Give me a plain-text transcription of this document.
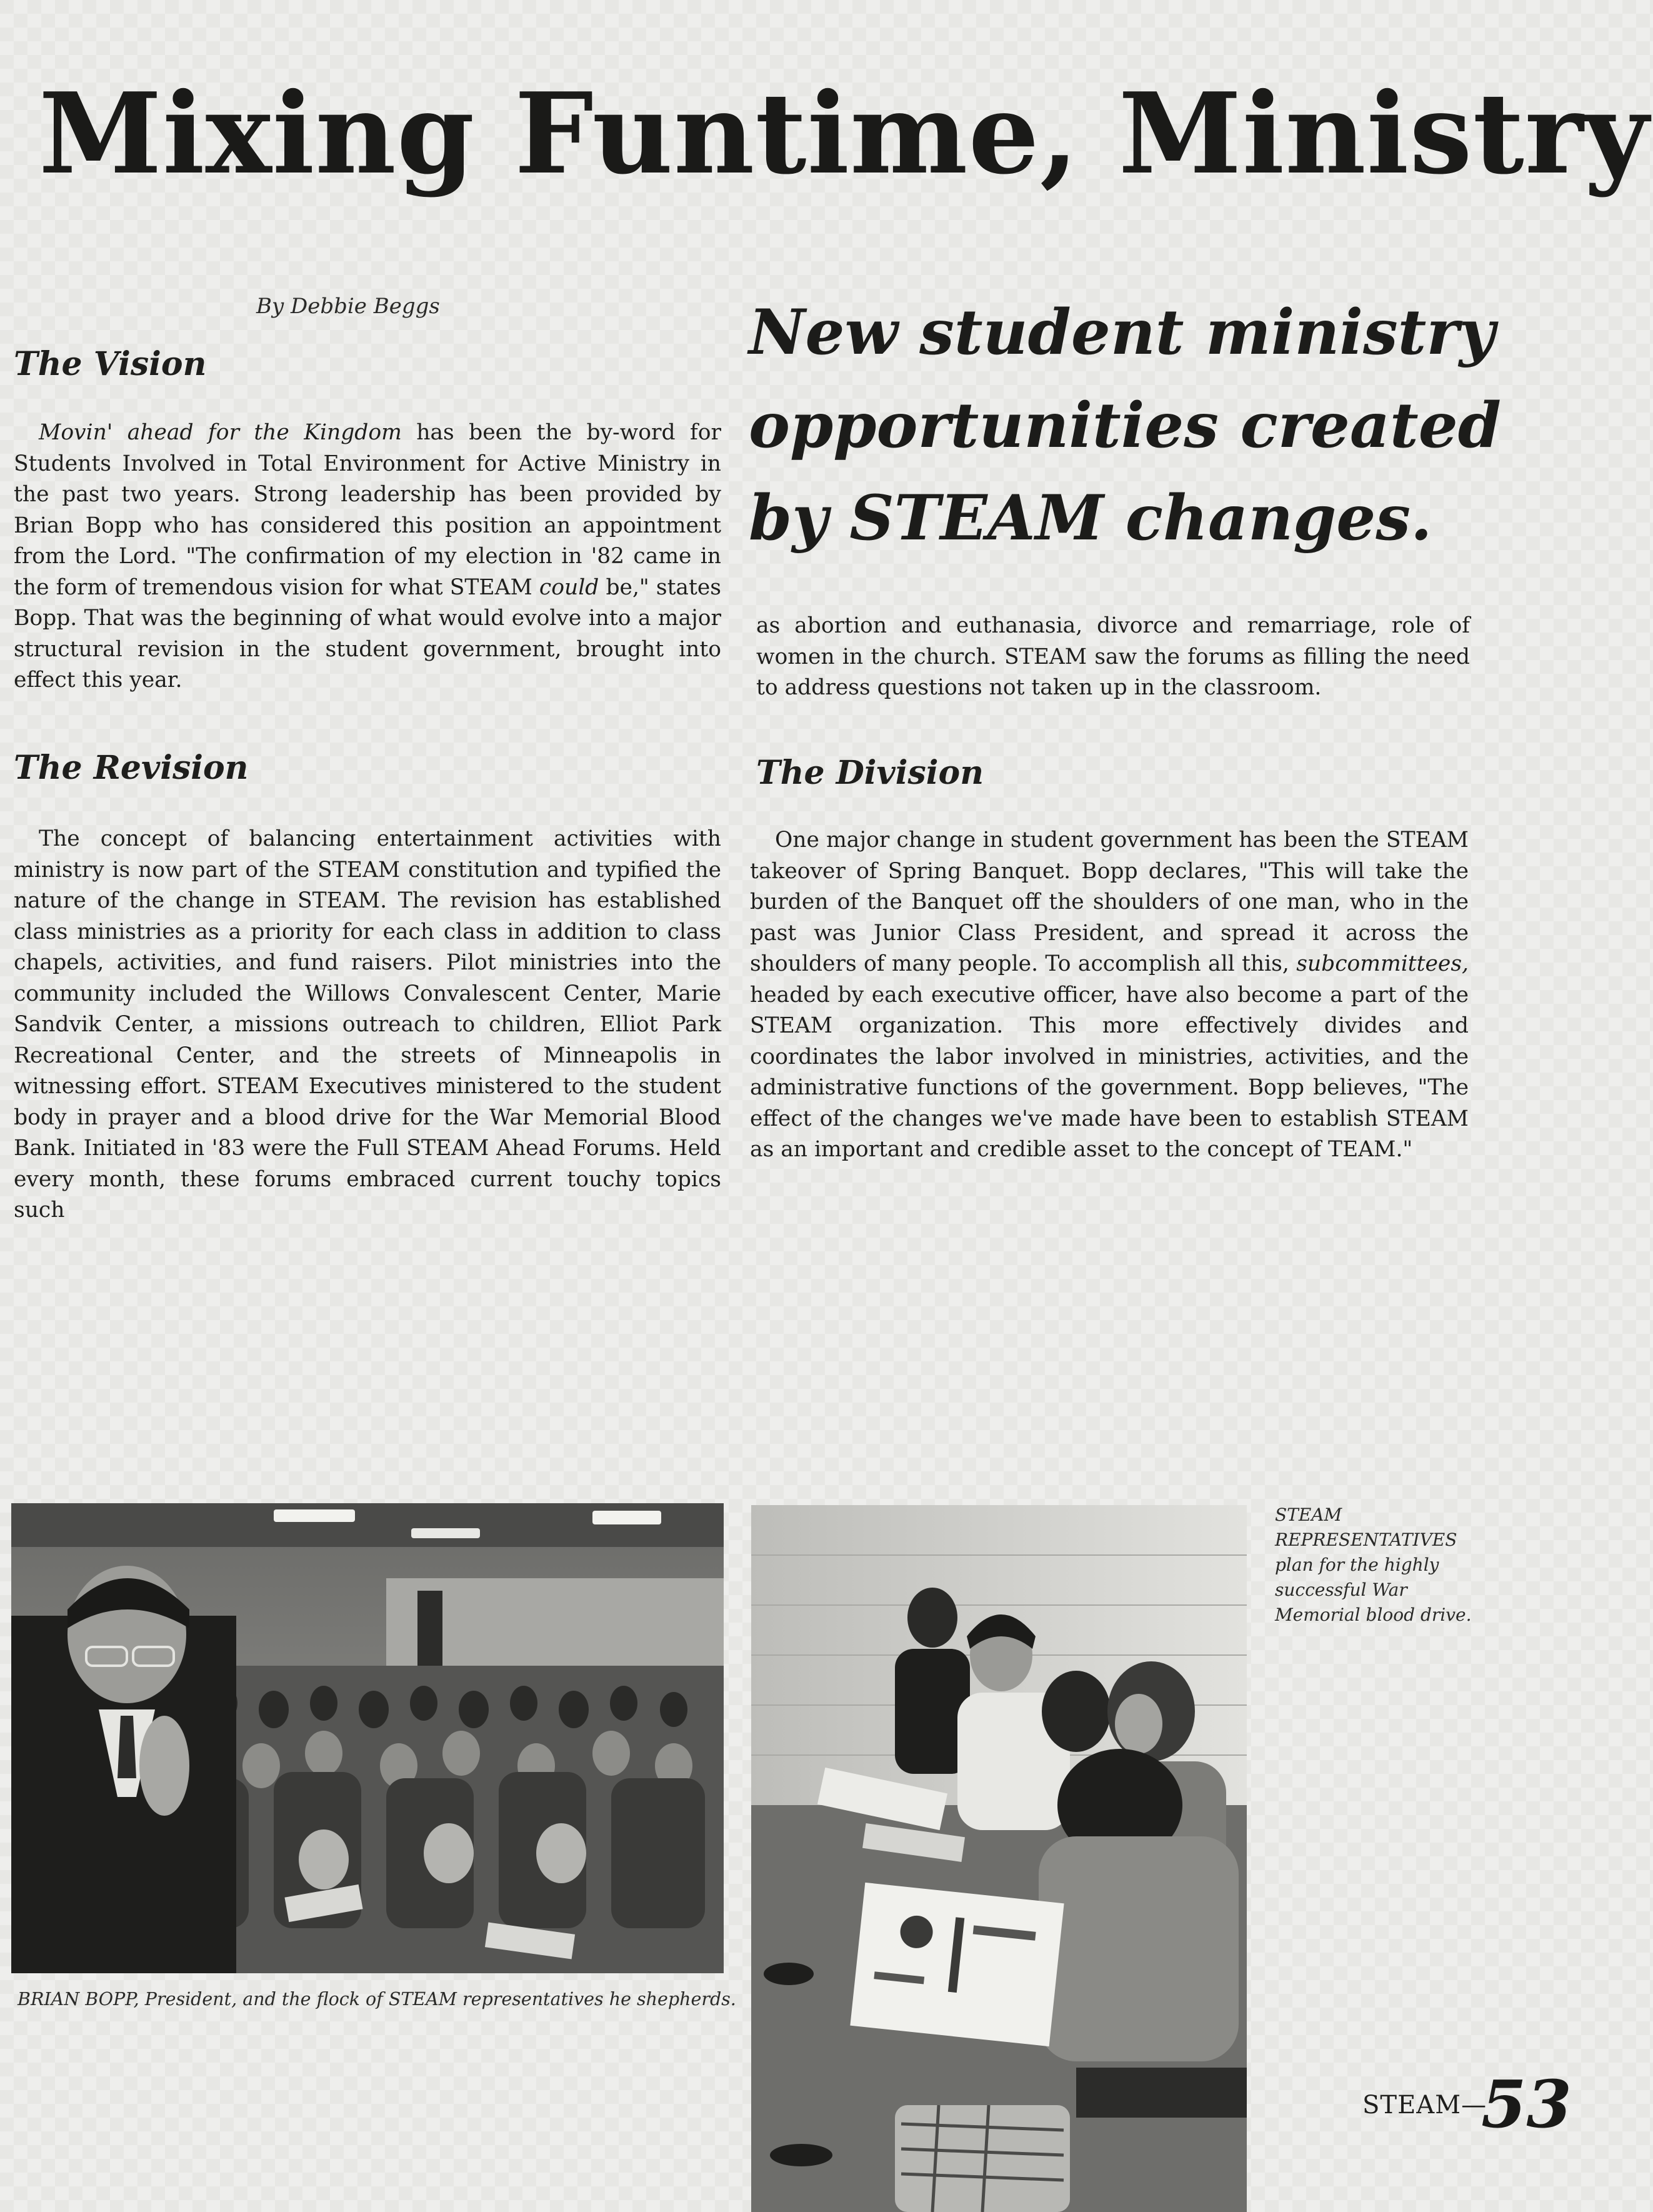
Mixing Funtime, Ministry

By Debbie Beggs	New student ministry
opportunities created
by STEAM changes.
The Vision

Movin' ahead for the Kingdom has been the by-word for Students Involved in Total Environment for Active Ministry in the past two years. Strong leadership has been provided by Brian Bopp who has considered this position an appointment from the Lord. "The confirmation of my election in '82 came in the form of tremendous vision for what STEAM could be," states Bopp. That was the beginning of what would evolve into a major structural revision in the student government, brought into effect this year.

The Revision

The concept of balancing entertainment activities with ministry is now part of the STEAM constitution and typified the nature of the change in STEAM. The revision has established class ministries as a priority for each class in addition to class chapels, activities, and fund raisers. Pilot ministries into the community included the Willows Convalescent Center, Marie Sandvik Center, a missions outreach to children, Elliot Park Recreational Center, and the streets of Minneapolis in witnessing effort. STEAM Executives ministered to the student body in prayer and a blood drive for the War Memorial Blood Bank. Initiated in '83 were the Full STEAM Ahead Forums. Held every month, these forums embraced current touchy topics such

as abortion and euthanasia, divorce and remarriage, role of women in the church. STEAM saw the forums as filling the need to address questions not taken up in the classroom.

The Division

One major change in student government has been the STEAM takeover of Spring Banquet. Bopp declares, "This will take the burden of the Banquet off the shoulders of one man, who in the past was Junior Class President, and spread it across the shoulders of many people. To accomplish all this, subcommittees, headed by each executive officer, have also become a part of the STEAM organization. This more effectively divides and coordinates the labor involved in ministries, activities, and the administrative functions of the government. Bopp believes, "The effect of the changes we've made have been to establish STEAM as an important and credible asset to the concept of TEAM."

BRIAN BOPP, President, and the flock of STEAM representatives he shepherds.

STEAM REPRESENTATIVES plan for the highly successful War Memorial blood drive.

STEAM—
53
